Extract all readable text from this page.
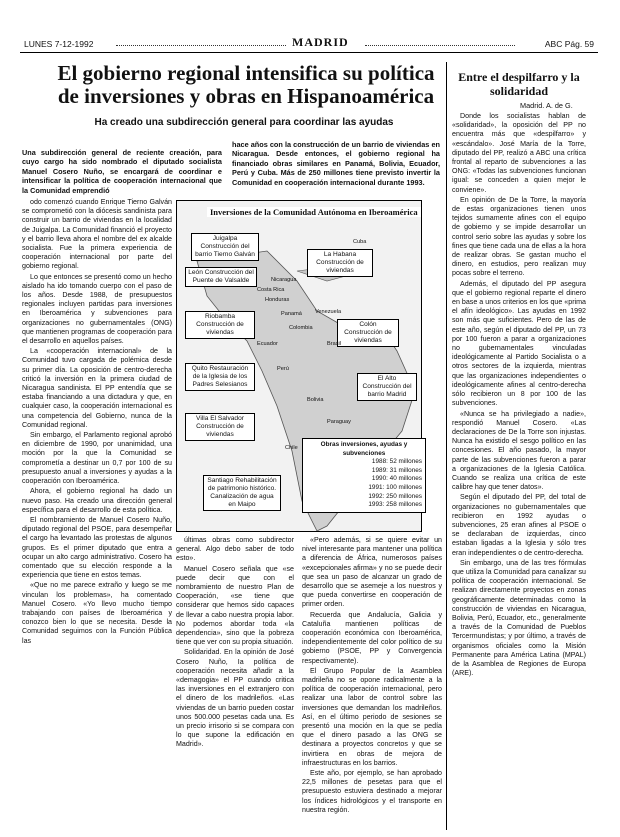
LUNES 7-12-1992	MADRID	ABC Pág. 59
El gobierno regional intensifica su política de inversiones y obras en Hispanoamérica
Ha creado una subdirección general para coordinar las ayudas
Una subdirección general de reciente creación, para cuyo cargo ha sido nombrado el diputado socialista Manuel Cosero Nuño, se encargará de coordinar e intensificar la política de cooperación internacional que la Comunidad emprendió
hace años con la construcción de un barrio de viviendas en Nicaragua. Desde entonces, el gobierno regional ha financiado obras similares en Panamá, Bolivia, Ecuador, Perú y Cuba. Más de 250 millones tiene previsto invertir la Comunidad en cooperación internacional durante 1993.

odo comenzó cuando Enrique Tierno Galván se comprometió con la diócesis sandinista para construir un barrio de viviendas en la localidad de Juigalpa. La Comunidad financió el proyecto y el barrio lleva ahora el nombre del ex alcalde socialista. Fue la primera experiencia de cooperación internacional por parte del gobierno regional.

Lo que entonces se presentó como un hecho aislado ha ido tomando cuerpo con el paso de los años. Desde 1988, de presupuestos regionales incluyen partidas para inversiones en Iberoamérica y subvenciones para organizaciones no gubernamentales (ONG) que mantienen programas de cooperación para el desarrollo en aquellos países.

La «cooperación internacional» de la Comunidad tuvo cargada de polémica desde su primer día. La oposición de centro-derecha criticó la inversión en la primera ciudad de Nicaragua sandinista. El PP entendía que se estaba financiando a una dictadura y que, en cualquier caso, la cooperación internacional es una competencia del Gobierno, nunca de la Comunidad regional.

Sin embargo, el Parlamento regional aprobó en diciembre de 1990, por unanimidad, una moción por la que la Comunidad se comprometía a destinar un 0,7 por 100 de su presupuesto anual a inversiones y ayudas a la cooperación con Iberoamérica.

Ahora, el gobierno regional ha dado un nuevo paso. Ha creado una dirección general específica para el desarrollo de esta política.

El nombramiento de Manuel Cosero Nuño, diputado regional del PSOE, para desempeñar el cargo ha levantado las protestas de algunos grupos. Es el primer diputado que entra a ocupar un alto cargo administrativo. Cosero ha comentado que su elección responde a la experiencia que tiene en estos temas.

«Que no me parece extraño y luego se me vinculan los problemas», ha comentado Manuel Cosero. «Yo llevo mucho tiempo trabajando con países de Iberoamérica y conozco bien lo que se necesita. Desde la Comunidad seguimos con la Función Pública las

Inversiones de la Comunidad Autónoma en Iberoamérica
Juigalpa Construcción del barrio Tierno Galván
León Construcción del Puente de Valsalde
La Habana Construcción de viviendas
Colón Construcción de viviendas
Riobamba Construcción de viviendas
Quito Restauración de la Iglesia de los Padres Selesianos
El Alto Construcción del barrio Madrid
Villa El Salvador Construcción de viviendas
Santiago Rehabilitación de patrimonio histórico. Canalización de agua en Maipo
Honduras
Venezuela
Colombia
Ecuador
Perú
Brasil
Bolivia
Paraguay
Chile
Cuba
Panamá
Costa Rica
Nicaragua
Obras inversiones, ayudas y subvenciones
1988: 52 millones
1989: 31 millones
1990: 40 millones
1991: 100 millones
1992: 250 millones
1993: 258 millones

últimas obras como subdirector general. Algo debo saber de todo esto».

Manuel Cosero señala que «se puede decir que con el nombramiento de nuestro Plan de Cooperación, «se tiene que considerar que hemos sido capaces de llevar a cabo nuestra propia labor. No podemos abordar toda «la dependencia», sino que la pobreza tiene que ver con su propia situación.

Solidaridad. En la opinión de José Cosero Nuño, Ia política de cooperación necesita añadir a la «demagogia» el PP cuando critica las inversiones en el extranjero con el dinero de los madrileños. «Las viviendas de un barrio pueden costar unos 500.000 pesetas cada una. Es un precio irrisorio si se compara con lo que supone la edificación en Madrid».

«Pero además, si se quiere evitar un nivel interesante para mantener una política a diferencia de África, numerosos países «excepcionales afirma» y no se puede decir que sea un paso de alcanzar un grado de desarrollo que se asemeje a los nuestros y que pueda convertirse en cooperación de primer orden.

Recuerda que Andalucía, Galicia y Cataluña mantienen políticas de cooperación económica con Iberoamérica, independientemente del color político de su gobierno (PSOE, PP y Convergencia respectivamente).

El Grupo Popular de la Asamblea madrileña no se opone radicalmente a la política de cooperación internacional, pero realizar una labor de control sobre las inversiones que demandan los madrileños. Así, en el último periodo de sesiones se presentó una moción en la que se pedía que el dinero pasado a las ONG se destinara a proyectos concretos y que se invirtiera en obras de mejora de infraestructuras en los barrios.

Este año, por ejemplo, se han aprobado 22,5 millones de pesetas para que el presupuesto estuviera destinado a mejorar los índices hidrológicos y el transporte en nuestra región.

Entre el despilfarro y la solidaridad
Madrid. A. de G.

Donde los socialistas hablan de «solidaridad», la oposición del PP no encuentra más que «despilfarro» y «escándalo». José María de la Torre, diputado del PP, realizó a ABC una crítica frontal al reparto de subvenciones a las ONG: «Todas las subvenciones funcionan igual: se conceden a quien mejor le conviene».

En opinión de De la Torre, la mayoría de estas organizaciones tienen unos tejidos sumamente afines con el equipo de gobierno y se impide desarrollar un control serio sobre las ayudas y sobre los fines que tiene cada una de ellas a la hora de realizar obras. Se gastan mucho el dinero, en estudios, pero realizan muy pocas sobre el terreno.

Además, el diputado del PP asegura que el gobierno regional reparte el dinero en base a unos criterios en los que «prima el afín ideológico». Las ayudas en 1992 son más que suficientes. Pero de las de este año, según el diputado del PP, un 73 por 100 fueron a parar a organizaciones no gubernamentales vinculadas ideológicamente al Partido Socialista o a otros sectores de la izquierda, mientras que las organizaciones independientes o ideológicamente afines al centro-derecha sólo recibieron un 8 por 100 de las subvenciones.

«Nunca se ha privilegiado a nadie», respondió Manuel Cosero. «Las declaraciones de De la Torre son injustas. Nunca ha existido el sesgo político en las concesiones. El año pasado, la mayor parte de las subvenciones fueron a parar a organizaciones de la Iglesia Católica. Cuando se realiza una crítica de este calibre hay que tener datos».

Según el diputado del PP, del total de organizaciones no gubernamentales que recibieron en 1992 ayudas o subvenciones, 25 eran afines al PSOE o se declaraban de izquierdas, cinco estaban ligadas a la Iglesia y sólo tres eran independientes o de centro-derecha.

Sin embargo, una de las tres fórmulas que utiliza la Comunidad para canalizar su política de cooperación internacional. Se realizan directamente proyectos en zonas geográficamente determinadas como la construcción de viviendas en Nicaragua, Bolivia, Perú, Ecuador, etc., generalmente a través de la Comunidad de Pueblos Tercermundistas; y por último, a través de organismos oficiales como la Misión Permanente para América Latina (MPAL) de la Asamblea de Regiones de Europa (ARE).
